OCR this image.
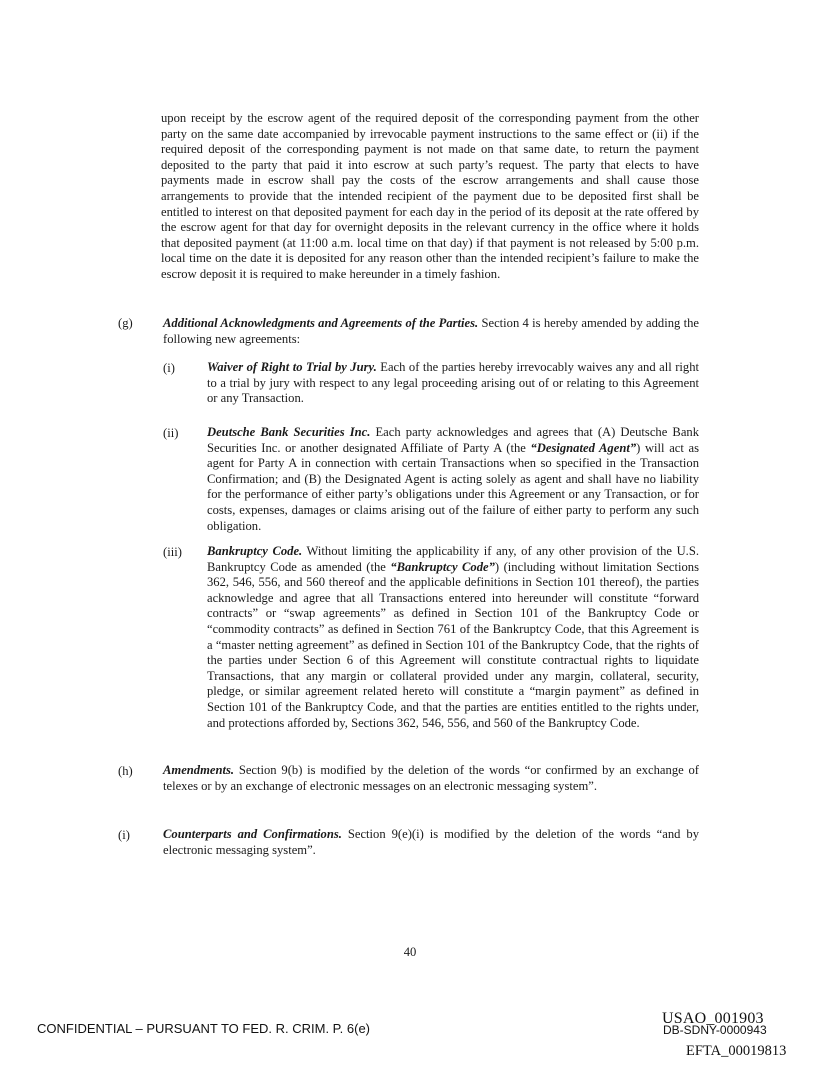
upon receipt by the escrow agent of the required deposit of the corresponding payment from the other party on the same date accompanied by irrevocable payment instructions to the same effect or (ii) if the required deposit of the corresponding payment is not made on that same date, to return the payment deposited to the party that paid it into escrow at such party’s request. The party that elects to have payments made in escrow shall pay the costs of the escrow arrangements and shall cause those arrangements to provide that the intended recipient of the payment due to be deposited first shall be entitled to interest on that deposited payment for each day in the period of its deposit at the rate offered by the escrow agent for that day for overnight deposits in the relevant currency in the office where it holds that deposited payment (at 11:00 a.m. local time on that day) if that payment is not released by 5:00 p.m. local time on the date it is deposited for any reason other than the intended recipient’s failure to make the escrow deposit it is required to make hereunder in a timely fashion.
(g) Additional Acknowledgments and Agreements of the Parties. Section 4 is hereby amended by adding the following new agreements:
(i)	Waiver of Right to Trial by Jury. Each of the parties hereby irrevocably waives any and all right to a trial by jury with respect to any legal proceeding arising out of or relating to this Agreement or any Transaction.
(ii) Deutsche Bank Securities Inc. Each party acknowledges and agrees that (A) Deutsche Bank Securities Inc. or another designated Affiliate of Party A (the “Designated Agent”) will act as agent for Party A in connection with certain Transactions when so specified in the Transaction Confirmation; and (B) the Designated Agent is acting solely as agent and shall have no liability for the performance of either party’s obligations under this Agreement or any Transaction, or for costs, expenses, damages or claims arising out of the failure of either party to perform any such obligation.
(iii) Bankruptcy Code. Without limiting the applicability if any, of any other provision of the U.S. Bankruptcy Code as amended (the “Bankruptcy Code”) (including without limitation Sections 362, 546, 556, and 560 thereof and the applicable definitions in Section 101 thereof), the parties acknowledge and agree that all Transactions entered into hereunder will constitute “forward contracts” or “swap agreements” as defined in Section 101 of the Bankruptcy Code or “commodity contracts” as defined in Section 761 of the Bankruptcy Code, that this Agreement is a “master netting agreement” as defined in Section 101 of the Bankruptcy Code, that the rights of the parties under Section 6 of this Agreement will constitute contractual rights to liquidate Transactions, that any margin or collateral provided under any margin, collateral, security, pledge, or similar agreement related hereto will constitute a “margin payment” as defined in Section 101 of the Bankruptcy Code, and that the parties are entities entitled to the rights under, and protections afforded by, Sections 362, 546, 556, and 560 of the Bankruptcy Code.
(h) Amendments. Section 9(b) is modified by the deletion of the words “or confirmed by an exchange of telexes or by an exchange of electronic messages on an electronic messaging system”.
(i)	Counterparts and Confirmations. Section 9(e)(i) is modified by the deletion of the words “and by electronic messaging system”.
40
CONFIDENTIAL – PURSUANT TO FED. R. CRIM. P. 6(e)
USAO_001903
DB-SDNY-0000943
EFTA_00019813
